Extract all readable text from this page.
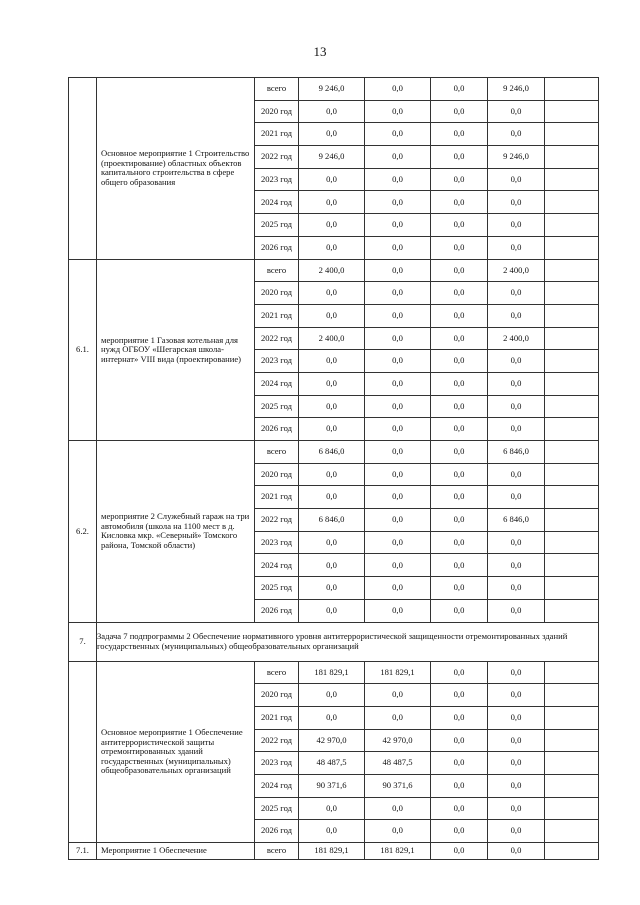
13
	Основное мероприятие 1 Строительство (проектирование) областных объектов капитального строительства в сфере общего образования	всего	9 246,0	0,0	0,0	9 246,0	
		2020 год	0,0	0,0	0,0	0,0	
		2021 год	0,0	0,0	0,0	0,0	
		2022 год	9 246,0	0,0	0,0	9 246,0	
		2023 год	0,0	0,0	0,0	0,0	
		2024 год	0,0	0,0	0,0	0,0	
		2025 год	0,0	0,0	0,0	0,0	
		2026 год	0,0	0,0	0,0	0,0	
6.1.	мероприятие 1 Газовая котельная для нужд ОГБОУ «Шегарская школа-интернат» VIII вида (проектирование)	всего	2 400,0	0,0	0,0	2 400,0	
		2020 год	0,0	0,0	0,0	0,0	
		2021 год	0,0	0,0	0,0	0,0	
		2022 год	2 400,0	0,0	0,0	2 400,0	
		2023 год	0,0	0,0	0,0	0,0	
		2024 год	0,0	0,0	0,0	0,0	
		2025 год	0,0	0,0	0,0	0,0	
		2026 год	0,0	0,0	0,0	0,0	
6.2.	мероприятие 2 Служебный гараж на три автомобиля (школа на 1100 мест в д. Кисловка мкр. «Северный» Томского района, Томской области)	всего	6 846,0	0,0	0,0	6 846,0	
		2020 год	0,0	0,0	0,0	0,0	
		2021 год	0,0	0,0	0,0	0,0	
		2022 год	6 846,0	0,0	0,0	6 846,0	
		2023 год	0,0	0,0	0,0	0,0	
		2024 год	0,0	0,0	0,0	0,0	
		2025 год	0,0	0,0	0,0	0,0	
		2026 год	0,0	0,0	0,0	0,0	
7.	Задача 7 подпрограммы 2 Обеспечение нормативного уровня антитеррористической защищенности отремонтированных зданий государственных (муниципальных) общеобразовательных организаций						
	Основное мероприятие 1 Обеспечение антитеррористической защиты отремонтированных зданий государственных (муниципальных) общеобразовательных организаций	всего	181 829,1	181 829,1	0,0	0,0	
		2020 год	0,0	0,0	0,0	0,0	
		2021 год	0,0	0,0	0,0	0,0	
		2022 год	42 970,0	42 970,0	0,0	0,0	
		2023 год	48 487,5	48 487,5	0,0	0,0	
		2024 год	90 371,6	90 371,6	0,0	0,0	
		2025 год	0,0	0,0	0,0	0,0	
		2026 год	0,0	0,0	0,0	0,0	
7.1.	Мероприятие 1 Обеспечение	всего	181 829,1	181 829,1	0,0	0,0	
